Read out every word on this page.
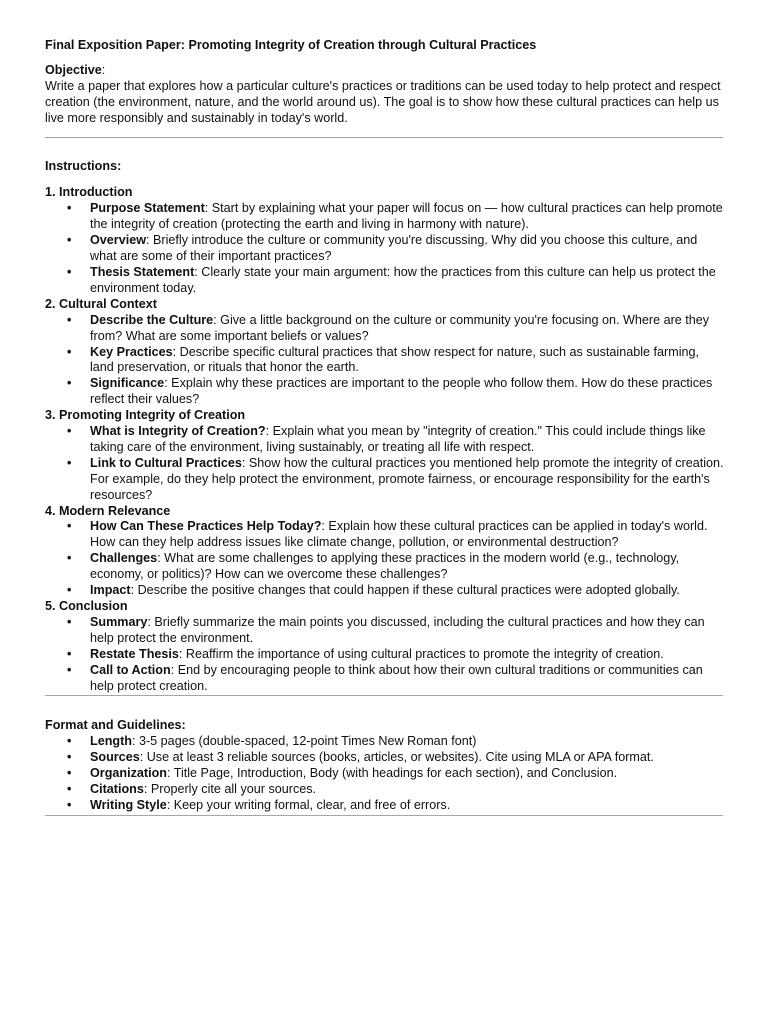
Final Exposition Paper: Promoting Integrity of Creation through Cultural Practices
Objective:

Write a paper that explores how a particular culture's practices or traditions can be used today to help protect and respect creation (the environment, nature, and the world around us). The goal is to show how these cultural practices can help us live more responsibly and sustainably in today's world.

Instructions:
1. Introduction
• Purpose Statement: Start by explaining what your paper will focus on — how cultural practices can help promote the integrity of creation (protecting the earth and living in harmony with nature).
• Overview: Briefly introduce the culture or community you're discussing. Why did you choose this culture, and what are some of their important practices?
• Thesis Statement: Clearly state your main argument: how the practices from this culture can help us protect the environment today.
2. Cultural Context
• Describe the Culture: Give a little background on the culture or community you're focusing on. Where are they from? What are some important beliefs or values?
• Key Practices: Describe specific cultural practices that show respect for nature, such as sustainable farming, land preservation, or rituals that honor the earth.
• Significance: Explain why these practices are important to the people who follow them. How do these practices reflect their values?
3. Promoting Integrity of Creation
• What is Integrity of Creation?: Explain what you mean by "integrity of creation." This could include things like taking care of the environment, living sustainably, or treating all life with respect.
• Link to Cultural Practices: Show how the cultural practices you mentioned help promote the integrity of creation. For example, do they help protect the environment, promote fairness, or encourage responsibility for the earth's resources?
4. Modern Relevance
• How Can These Practices Help Today?: Explain how these cultural practices can be applied in today's world. How can they help address issues like climate change, pollution, or environmental destruction?
• Challenges: What are some challenges to applying these practices in the modern world (e.g., technology, economy, or politics)? How can we overcome these challenges?
• Impact: Describe the positive changes that could happen if these cultural practices were adopted globally.
5. Conclusion
• Summary: Briefly summarize the main points you discussed, including the cultural practices and how they can help protect the environment.
• Restate Thesis: Reaffirm the importance of using cultural practices to promote the integrity of creation.
• Call to Action: End by encouraging people to think about how their own cultural traditions or communities can help protect creation.
Format and Guidelines:
• Length: 3-5 pages (double-spaced, 12-point Times New Roman font)
• Sources: Use at least 3 reliable sources (books, articles, or websites). Cite using MLA or APA format.
• Organization: Title Page, Introduction, Body (with headings for each section), and Conclusion.
• Citations: Properly cite all your sources.
• Writing Style: Keep your writing formal, clear, and free of errors.
